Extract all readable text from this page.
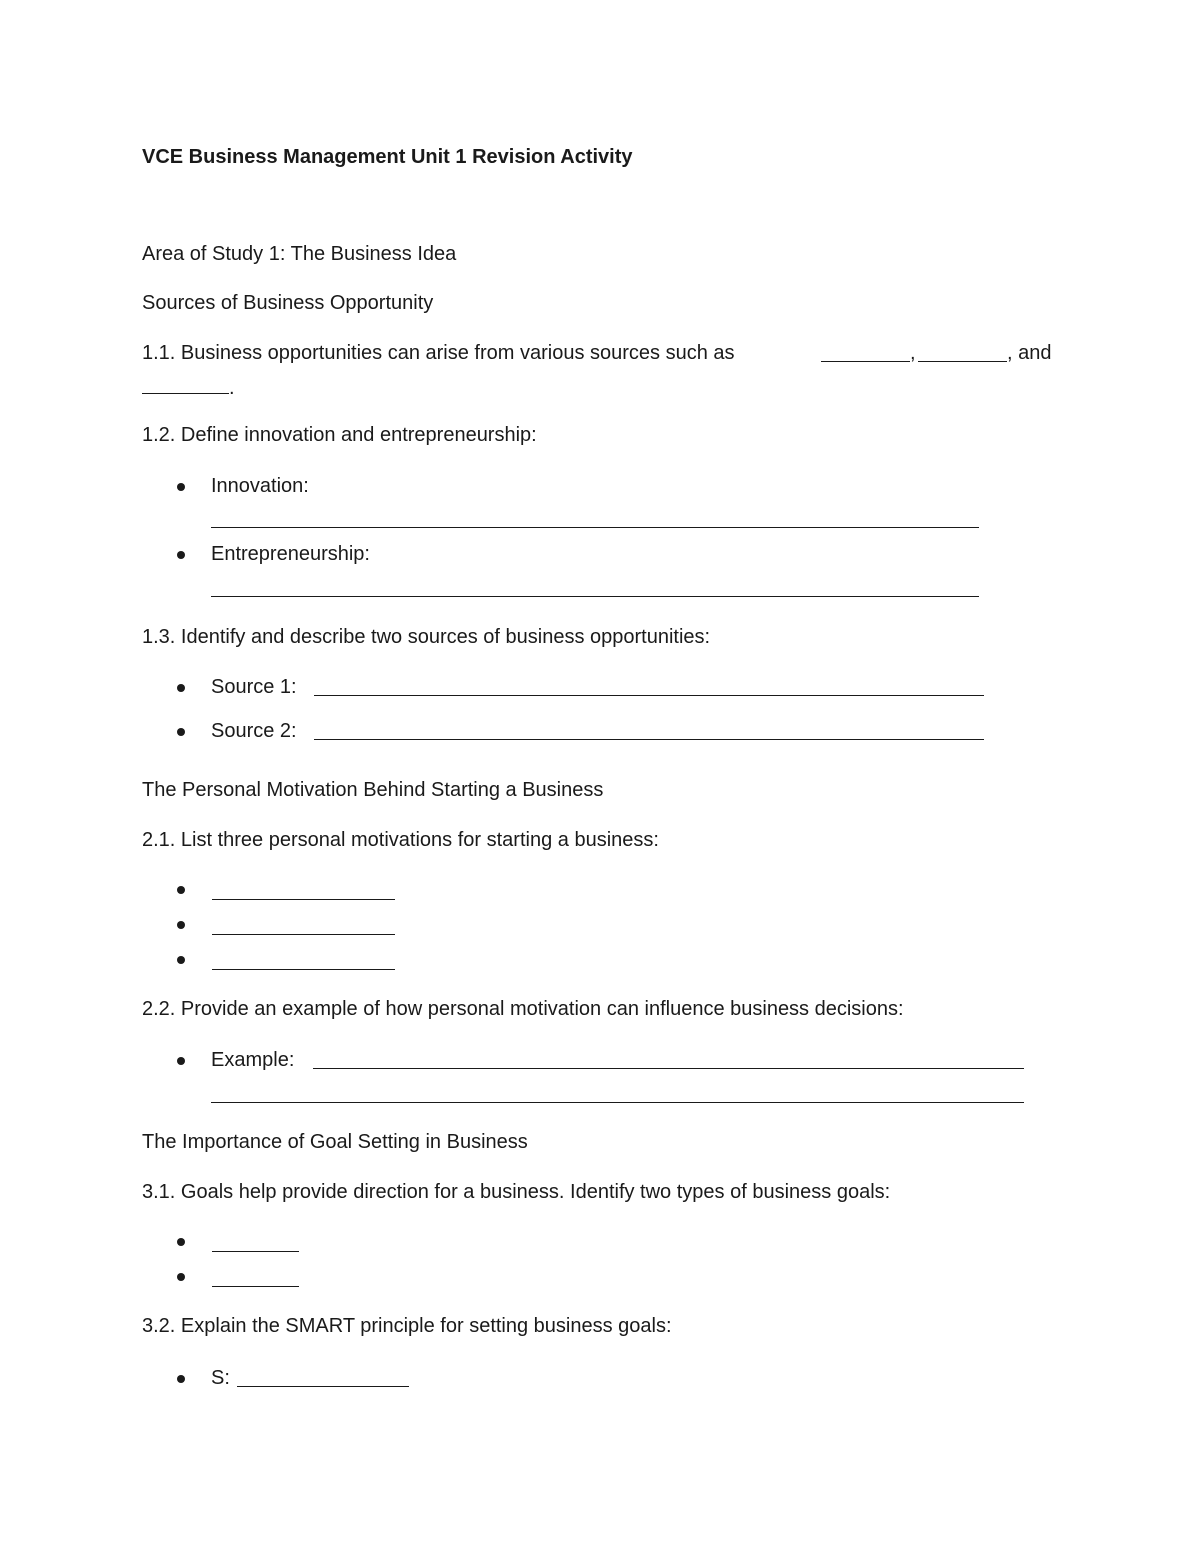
VCE Business Management Unit 1 Revision Activity
Area of Study 1: The Business Idea
Sources of Business Opportunity
1.1. Business opportunities can arise from various sources such as	,	, and
.
1.2. Define innovation and entrepreneurship:
Innovation:
Entrepreneurship:
1.3. Identify and describe two sources of business opportunities:
Source 1:
Source 2:
The Personal Motivation Behind Starting a Business
2.1. List three personal motivations for starting a business:
2.2. Provide an example of how personal motivation can influence business decisions:
Example:
The Importance of Goal Setting in Business
3.1. Goals help provide direction for a business. Identify two types of business goals:
3.2. Explain the SMART principle for setting business goals:
S:
